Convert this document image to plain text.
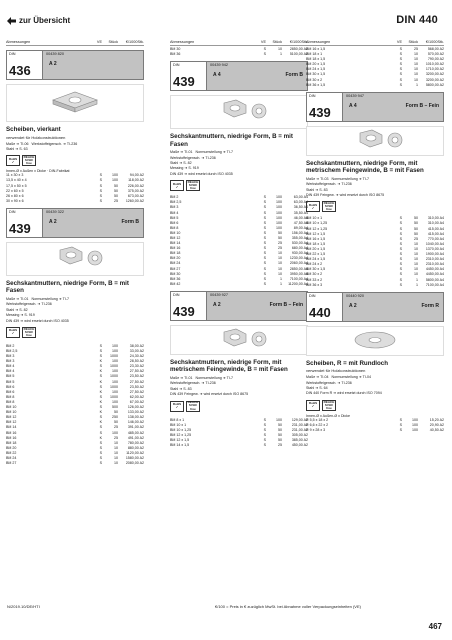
zur Übersicht	DIN 440
Abmessungen	VE	Stück	€/1000Stk.
DIN
436
00439 820
A 2
Scheiben, vierkant
verwendet für Holzkonstruktionen
Maße ➜ TI-06 Werkstoffeigensch. ➜ TI-236
Stahl ➜ S. 63
RoHS
✓
REACH SVHC free
Innen-Ø x Außen x Dicke · DIN-Fabrikat
11 x 30 x 3	S	100	94,00 A2
13,5 x 40 x 4	S	100	118,00 A2
17,5 x 50 x 5	S	50	226,00 A2
22 x 60 x 5	S	50	375,00 A2
26 x 80 x 6	S	50	673,00 A2
30 x 90 x 6	S	25	1260,00 A2
DIN
439
00439 322
A 2	Form B
Sechskantmuttern, niedrige Form, B = mit Fasen
Maße ➜ TI-01 Normumstellung ➜ TI-7
Werkstoffeigensch. ➜ TI-236
Stahl ➜ S. 82
Messing ➜ S. 919
DIN 439 ➜ wird ersetzt durch ISO 4035
RoHS
✓
REACH SVHC free
BM 2	S	100	38,00 A2
BM 2,5	S	100	33,00 A2
BM 3	S	1000	24,30 A2
BM 3	K	100	28,50 A2
BM 4	S	1000	23,30 A2
BM 4	K	100	27,50 A2
BM 5	S	1000	23,50 A2
BM 5	K	100	27,50 A2
BM 6	S	1000	23,50 A2
BM 6	K	100	27,50 A2
BM 8	S	1000	62,00 A2
BM 8	K	100	67,00 A2
BM 10	S	500	126,00 A2
BM 10	K	50	133,00 A2
BM 12	S	250	138,00 A2
BM 12	K	50	146,00 A2
BM 14	S	25	391,00 A2
BM 16	S	100	485,00 A2
BM 16	K	25	491,00 A2
BM 18	S	10	780,00 A2
BM 20	S	10	880,00 A2
BM 22	S	10	1120,00 A2
BM 24	S	10	1580,00 A2
BM 27	S	10	2080,00 A2
Abmessungen	VE	Stück	€/1000Stk.
BM 30	S	10	2850,00 A2
BM 36	S	1	5100,00 A2
DIN
439
00439 942
A 4	Form B
Sechskantmuttern, niedrige Form, B = mit Fasen
Maße ➜ TI-01 Normumstellung ➜ TI-7
Werkstoffeigensch. ➜ TI-236
Stahl ➜ S. 82
Messing ➜ S. 919
DIN 439 ➜ wird ersetzt durch ISO 4035
RoHS
✓
REACH SVHC free
BM 2	S	100	63,00 A4
BM 2,5	S	100	63,00 A4
BM 3	S	100	36,50 A4
BM 4	S	100	35,50 A4
BM 5	S	100	46,00 A4
BM 6	S	100	47,50 A4
BM 8	S	100	89,00 A4
BM 10	S	50	156,00 A4
BM 12	S	50	355,00 A4
BM 14	S	25	530,00 A4
BM 16	S	25	680,00 A4
BM 18	S	10	930,00 A4
BM 20	S	10	1230,00 A4
BM 24	S	10	2060,00 A4
BM 27	S	10	2850,00 A4
BM 30	S	10	3950,00 A4
BM 36	S	1	7100,00 A4
BM 42	S	1	11200,00 A4
DIN
439
00439 927
A 2	Form B – Fein
Sechskantmuttern, niedrige Form, mit metrischem Feingewinde, B = mit Fasen
Maße ➜ TI-01 Normumstellung ➜ TI-7
Werkstoffeigensch. ➜ TI-236
Stahl ➜ S. 83
DIN 439 Feingew. ➜ wird ersetzt durch ISO 8675
RoHS
✓
REACH SVHC free
BM 8 x 1	S	100	129,00 A2
BM 10 x 1	S	50	231,00 A2
BM 10 x 1,25	S	50	231,00 A2
BM 12 x 1,25	S	50	305,00 A2
BM 12 x 1,5	S	50	385,00 A2
BM 14 x 1,5	S	25	450,00 A2
Abmessungen	VE	Stück	€/1000Stk.
BM 16 x 1,5	S	25	568,00 A2
BM 18 x 1	S	10	570,00 A2
BM 18 x 1,5	S	10	790,00 A2
BM 20 x 1,5	S	10	1010,00 A2
BM 24 x 1,5	S	10	1710,00 A2
BM 30 x 1,5	S	10	3200,00 A2
BM 30 x 2	S	10	3200,00 A2
BM 36 x 1,5	S	1	5800,00 A2
DIN
439
00439 947
A 4	Form B – Fein
Sechskantmuttern, niedrige Form, mit metrischem Feingewinde, B = mit Fasen
Maße ➜ TI-03 Normumstellung ➜ TI-7
Werkstoffeigensch. ➜ TI-236
Stahl ➜ S. 83
DIN 439 Feingew. ➜ wird ersetzt durch ISO 8675
RoHS
✓
REACH SVHC free
BM 10 x 1	S	50	310,00 A4
BM 10 x 1,25	S	50	310,00 A4
BM 12 x 1,25	S	50	415,00 A4
BM 12 x 1,5	S	50	415,00 A4
BM 16 x 1,5	S	25	770,00 A4
BM 18 x 1,5	S	10	1040,00 A4
BM 20 x 1,5	S	10	1370,00 A4
BM 22 x 1,5	S	10	1900,00 A4
BM 24 x 1,5	S	10	2310,00 A4
BM 24 x 2	S	10	2310,00 A4
BM 30 x 1,5	S	10	4450,00 A4
BM 30 x 2	S	10	4450,00 A4
BM 33 x 2	S	1	5800,00 A4
BM 36 x 3	S	1	7100,00 A4
DIN
440
00440 920
A 2	Form R
Scheiben, R = mit Rundloch
verwendet für Holzkonstruktionen
Maße ➜ TI-04 Normumstellung ➜ TI-04
Werkstoffeigensch. ➜ TI-236
Stahl ➜ S. 64
DIN 440 Form R ➜ wird ersetzt durch ISO 7094
RoHS
✓
REACH SVHC free
Innen-Ø x Außen-Ø x Dicke
R 5,5 x 18 x 2	S	100	15,20 A2
R 6,6 x 22 x 2	S	100	20,90 A2
R 9 x 28 x 3	S	100	40,50 A2
N/2019.10/DE/HTI	€/100 = Preis in € zuzüglich MwSt. bei Abnahme voller Verpackungseinheiten (VE)
467
